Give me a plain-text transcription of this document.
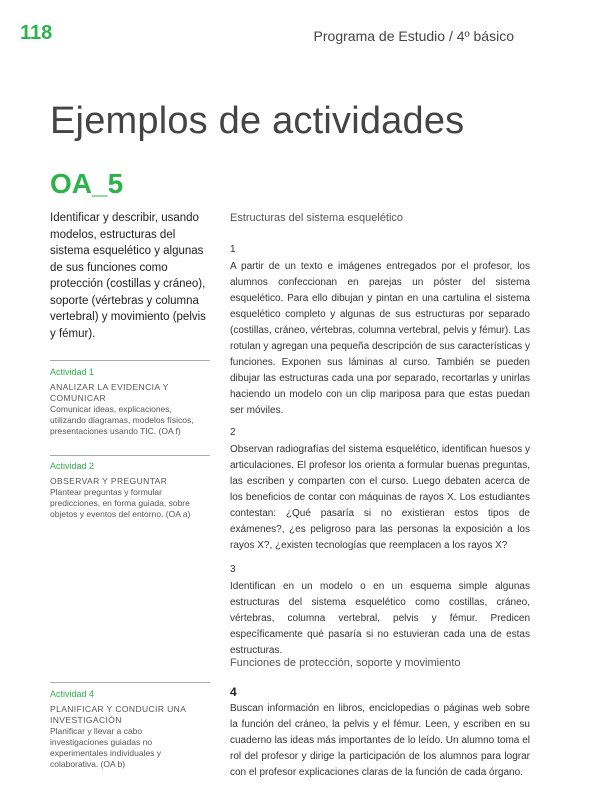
118	Programa de Estudio / 4º básico
Ejemplos de actividades
OA_5
Identificar y describir, usando modelos, estructuras del sistema esquelético y algunas de sus funciones como protección (costillas y cráneo), soporte (vértebras y columna vertebral) y movimiento (pelvis y fémur).
Actividad 1
ANALIZAR LA EVIDENCIA Y COMUNICAR
Comunicar ideas, explicaciones, utilizando diagramas, modelos físicos, presentaciones usando TIC. (OA f)
Actividad 2
OBSERVAR Y PREGUNTAR
Plantear preguntas y formular predicciones, en forma guiada, sobre objetos y eventos del entorno. (OA a)
Actividad 4
PLANIFICAR Y CONDUCIR UNA INVESTIGACIÓN
Planificar y llevar a cabo investigaciones guiadas no experimentales individuales y colaborativa. (OA b)
Estructuras del sistema esquelético
1
A partir de un texto e imágenes entregados por el profesor, los alumnos confeccionan en parejas un póster del sistema esquelético. Para ello dibujan y pintan en una cartulina el sistema esquelético completo y algunas de sus estructuras por separado (costillas, cráneo, vértebras, columna vertebral, pelvis y fémur). Las rotulan y agregan una pequeña descripción de sus características y funciones. Exponen sus láminas al curso. También se pueden dibujar las estructuras cada una por separado, recortarlas y unirlas haciendo un modelo con un clip mariposa para que estas puedan ser móviles.
2
Observan radiografías del sistema esquelético, identifican huesos y articulaciones. El profesor los orienta a formular buenas preguntas, las escriben y comparten con el curso. Luego debaten acerca de los beneficios de contar con máquinas de rayos X. Los estudiantes contestan: ¿Qué pasaría si no existieran estos tipos de exámenes?, ¿es peligroso para las personas la exposición a los rayos X?, ¿existen tecnologías que reemplacen a los rayos X?
3
Identifican en un modelo o en un esquema simple algunas estructuras del sistema esquelético como costillas, cráneo, vértebras, columna vertebral, pelvis y fémur. Predicen específicamente qué pasaría si no estuvieran cada una de estas estructuras.
Funciones de protección, soporte y movimiento
4
Buscan información en libros, enciclopedias o páginas web sobre la función del cráneo, la pelvis y el fémur. Leen, y escriben en su cuaderno las ideas más importantes de lo leído. Un alumno toma el rol del profesor y dirige la participación de los alumnos para lograr con el profesor explicaciones claras de la función de cada órgano.
